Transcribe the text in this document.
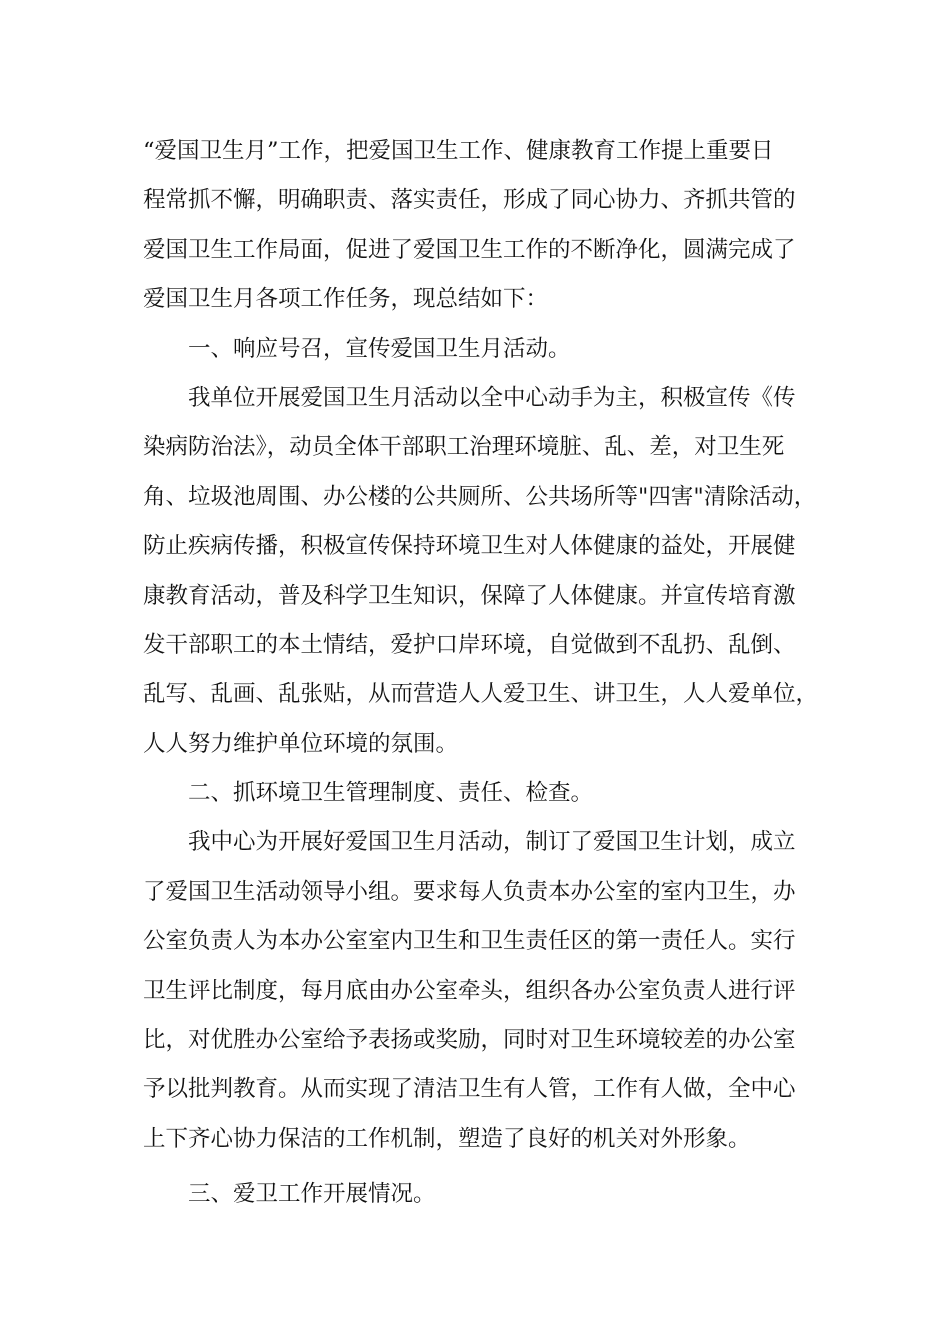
“爱国卫生月”工作，把爱国卫生工作、健康教育工作提上重要日
程常抓不懈，明确职责、落实责任，形成了同心协力、齐抓共管的
爱国卫生工作局面，促进了爱国卫生工作的不断净化，圆满完成了
爱国卫生月各项工作任务，现总结如下：
一、响应号召，宣传爱国卫生月活动。
我单位开展爱国卫生月活动以全中心动手为主，积极宣传《传
染病防治法》，动员全体干部职工治理环境脏、乱、差，对卫生死
角、垃圾池周围、办公楼的公共厕所、公共场所等"四害"清除活动，
防止疾病传播，积极宣传保持环境卫生对人体健康的益处，开展健
康教育活动，普及科学卫生知识，保障了人体健康。并宣传培育激
发干部职工的本土情结，爱护口岸环境，自觉做到不乱扔、乱倒、
乱写、乱画、乱张贴，从而营造人人爱卫生、讲卫生，人人爱单位，
人人努力维护单位环境的氛围。
二、抓环境卫生管理制度、责任、检查。
我中心为开展好爱国卫生月活动，制订了爱国卫生计划，成立
了爱国卫生活动领导小组。要求每人负责本办公室的室内卫生，办
公室负责人为本办公室室内卫生和卫生责任区的第一责任人。实行
卫生评比制度，每月底由办公室牵头，组织各办公室负责人进行评
比，对优胜办公室给予表扬或奖励，同时对卫生环境较差的办公室
予以批判教育。从而实现了清洁卫生有人管，工作有人做，全中心
上下齐心协力保洁的工作机制，塑造了良好的机关对外形象。
三、爱卫工作开展情况。
